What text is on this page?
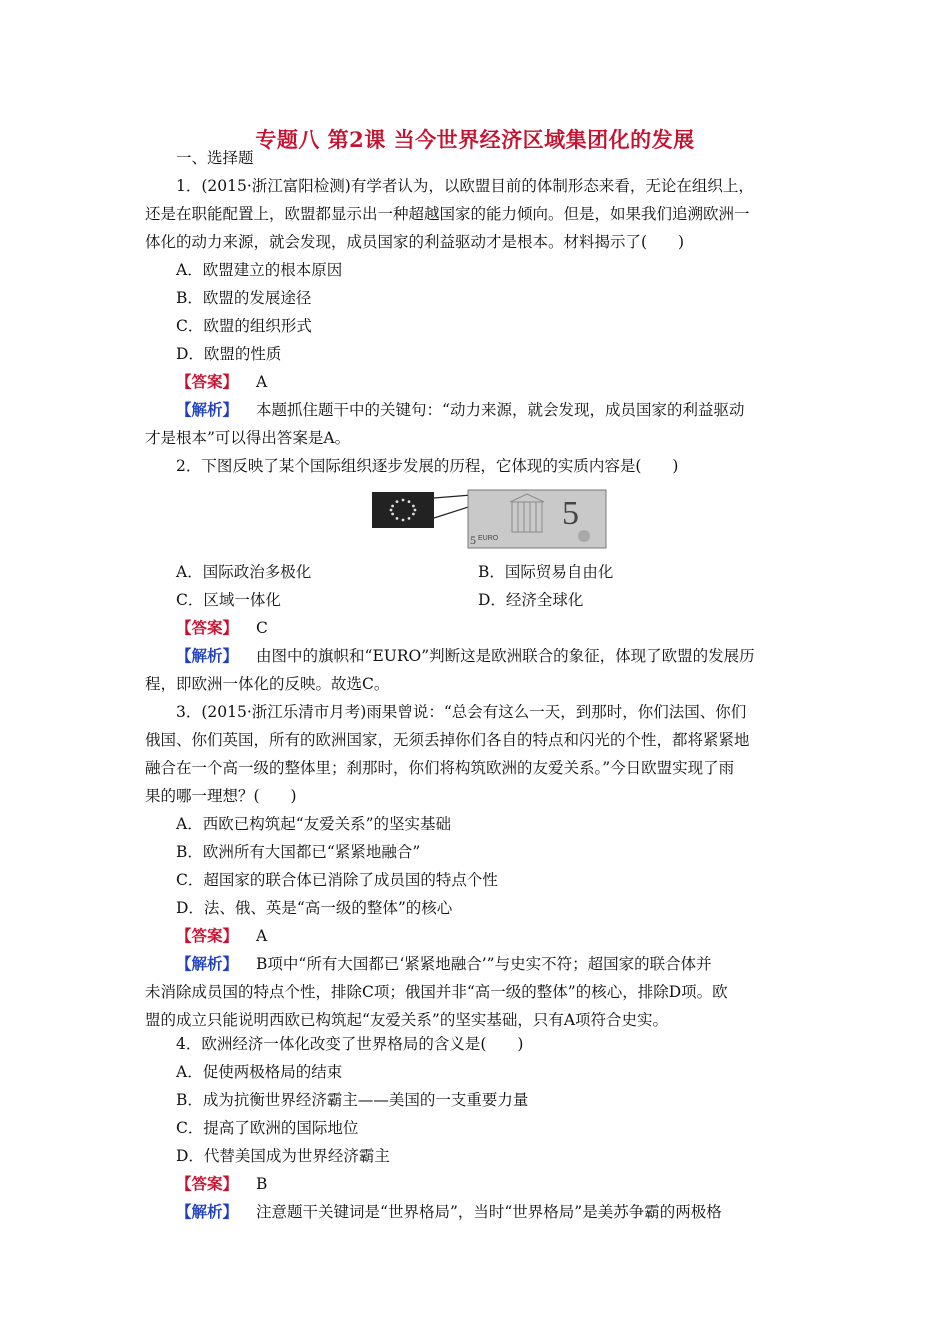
专题八 第2课 当今世界经济区域集团化的发展
一、选择题
1．(2015·浙江富阳检测)有学者认为，以欧盟目前的体制形态来看，无论在组织上，
还是在职能配置上，欧盟都显示出一种超越国家的能力倾向。但是，如果我们追溯欧洲一
体化的动力来源，就会发现，成员国家的利益驱动才是根本。材料揭示了(　　)
A．欧盟建立的根本原因
B．欧盟的发展途径
C．欧盟的组织形式
D．欧盟的性质
【答案】 A
【解析】 本题抓住题干中的关键句：“动力来源，就会发现，成员国家的利益驱动
才是根本”可以得出答案是A。
2．下图反映了某个国际组织逐步发展的历程，它体现的实质内容是(　　)
5
5 EURO
A．国际政治多极化	B．国际贸易自由化
C．区域一体化	D．经济全球化
【答案】 C
【解析】 由图中的旗帜和“EURO”判断这是欧洲联合的象征，体现了欧盟的发展历
程，即欧洲一体化的反映。故选C。
3．(2015·浙江乐清市月考)雨果曾说：“总会有这么一天，到那时，你们法国、你们
俄国、你们英国，所有的欧洲国家，无须丢掉你们各自的特点和闪光的个性，都将紧紧地
融合在一个高一级的整体里；刹那时，你们将构筑欧洲的友爱关系。”今日欧盟实现了雨
果的哪一理想？(　　)
A．西欧已构筑起“友爱关系”的坚实基础
B．欧洲所有大国都已“紧紧地融合”
C．超国家的联合体已消除了成员国的特点个性
D．法、俄、英是“高一级的整体”的核心
【答案】 A
【解析】 B项中“所有大国都已‘紧紧地融合’”与史实不符；超国家的联合体并
未消除成员国的特点个性，排除C项；俄国并非“高一级的整体”的核心，排除D项。欧
盟的成立只能说明西欧已构筑起“友爱关系”的坚实基础，只有A项符合史实。
4．欧洲经济一体化改变了世界格局的含义是(　　)
A．促使两极格局的结束
B．成为抗衡世界经济霸主——美国的一支重要力量
C．提高了欧洲的国际地位
D．代替美国成为世界经济霸主
【答案】 B
【解析】 注意题干关键词是“世界格局”，当时“世界格局”是美苏争霸的两极格
